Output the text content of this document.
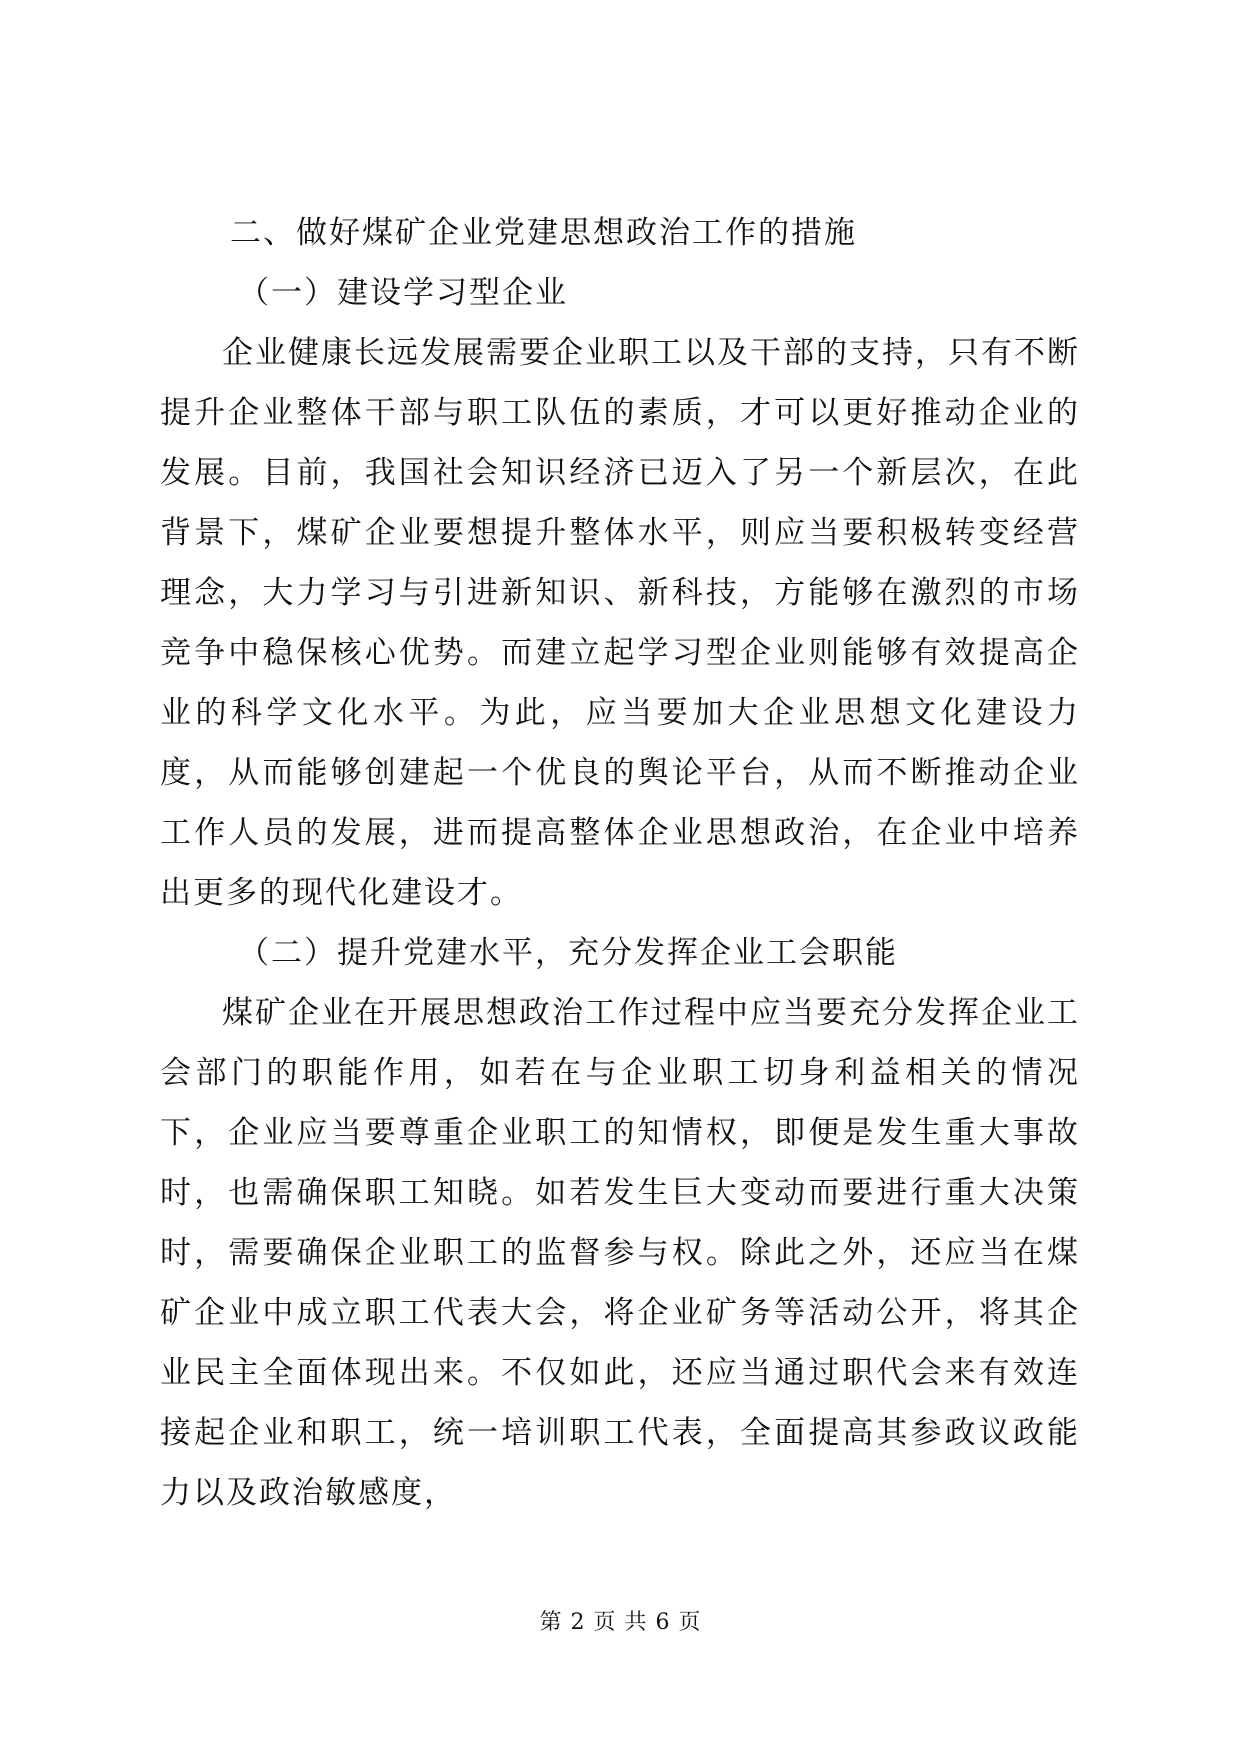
二、做好煤矿企业党建思想政治工作的措施
（一）建设学习型企业

企业健康长远发展需要企业职工以及干部的支持，只有不断提升企业整体干部与职工队伍的素质，才可以更好推动企业的发展。目前，我国社会知识经济已迈入了另一个新层次，在此背景下，煤矿企业要想提升整体水平，则应当要积极转变经营理念，大力学习与引进新知识、新科技，方能够在激烈的市场竞争中稳保核心优势。而建立起学习型企业则能够有效提高企业的科学文化水平。为此，应当要加大企业思想文化建设力度，从而能够创建起一个优良的舆论平台，从而不断推动企业工作人员的发展，进而提高整体企业思想政治，在企业中培养出更多的现代化建设才。

（二）提升党建水平，充分发挥企业工会职能

煤矿企业在开展思想政治工作过程中应当要充分发挥企业工会部门的职能作用，如若在与企业职工切身利益相关的情况下，企业应当要尊重企业职工的知情权，即便是发生重大事故时，也需确保职工知晓。如若发生巨大变动而要进行重大决策时，需要确保企业职工的监督参与权。除此之外，还应当在煤矿企业中成立职工代表大会，将企业矿务等活动公开，将其企业民主全面体现出来。不仅如此，还应当通过职代会来有效连接起企业和职工，统一培训职工代表，全面提高其参政议政能力以及政治敏感度，

第 2 页 共 6 页
